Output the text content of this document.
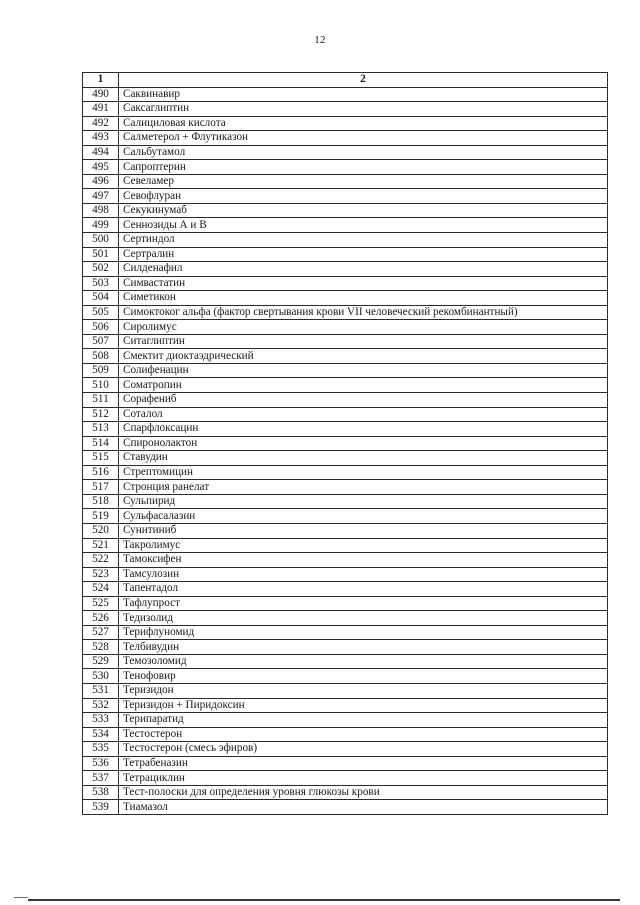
12
1	2
490	Саквинавир
491	Саксаглиптин
492	Салициловая кислота
493	Салметерол + Флутиказон
494	Сальбутамол
495	Сапроптерин
496	Севеламер
497	Севофлуран
498	Секукинумаб
499	Сеннозиды А и В
500	Сертиндол
501	Сертралин
502	Силденафил
503	Симвастатин
504	Симетикон
505	Симоктоког альфа (фактор свертывания крови VII человеческий рекомбинантный)
506	Сиролимус
507	Ситаглиптин
508	Смектит диоктаэдрический
509	Солифенацин
510	Соматропин
511	Сорафениб
512	Соталол
513	Спарфлоксацин
514	Спиронолактон
515	Ставудин
516	Стрептомицин
517	Стронция ранелат
518	Сульпирид
519	Сульфасалазин
520	Сунитиниб
521	Такролимус
522	Тамоксифен
523	Тамсулозин
524	Тапентадол
525	Тафлупрост
526	Тедизолид
527	Терифлуномид
528	Телбивудин
529	Темозоломид
530	Тенофовир
531	Теризидон
532	Теризидон + Пиридоксин
533	Терипаратид
534	Тестостерон
535	Тестостерон (смесь эфиров)
536	Тетрабеназин
537	Тетрациклин
538	Тест-полоски для определения уровня глюкозы крови
539	Тиамазол
